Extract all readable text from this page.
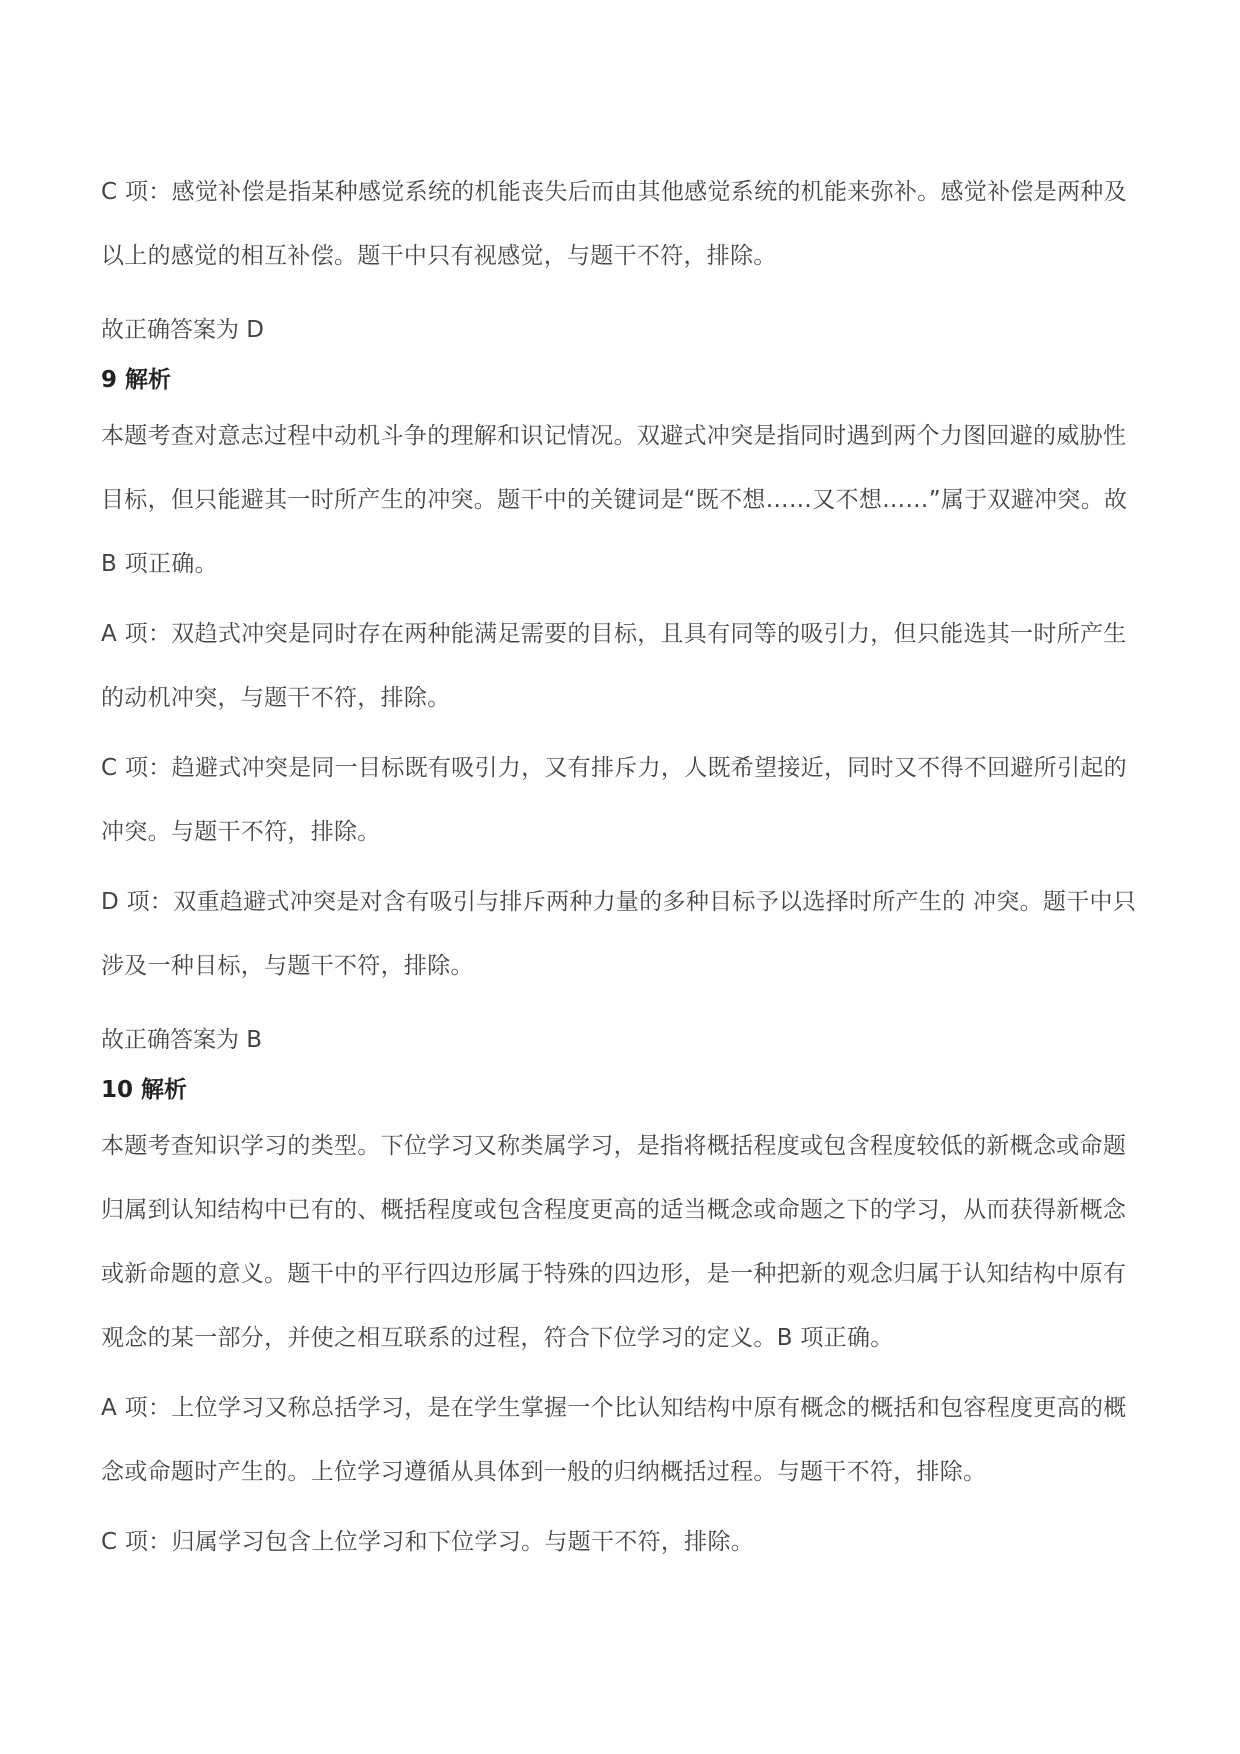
C 项：感觉补偿是指某种感觉系统的机能丧失后而由其他感觉系统的机能来弥补。感觉补偿是两种及以上的感觉的相互补偿。题干中只有视感觉，与题干不符，排除。

故正确答案为 D

9 解析

本题考查对意志过程中动机斗争的理解和识记情况。双避式冲突是指同时遇到两个力图回避的威胁性目标，但只能避其一时所产生的冲突。题干中的关键词是“既不想……又不想……”属于双避冲突。故 B 项正确。

A 项：双趋式冲突是同时存在两种能满足需要的目标，且具有同等的吸引力，但只能选其一时所产生的动机冲突，与题干不符，排除。

C 项：趋避式冲突是同一目标既有吸引力，又有排斥力，人既希望接近，同时又不得不回避所引起的冲突。与题干不符，排除。

D 项：双重趋避式冲突是对含有吸引与排斥两种力量的多种目标予以选择时所产生的 冲突。题干中只涉及一种目标，与题干不符，排除。

故正确答案为 B

10 解析

本题考查知识学习的类型。下位学习又称类属学习，是指将概括程度或包含程度较低的新概念或命题归属到认知结构中已有的、概括程度或包含程度更高的适当概念或命题之下的学习，从而获得新概念或新命题的意义。题干中的平行四边形属于特殊的四边形，是一种把新的观念归属于认知结构中原有观念的某一部分，并使之相互联系的过程，符合下位学习的定义。B 项正确。

A 项：上位学习又称总括学习，是在学生掌握一个比认知结构中原有概念的概括和包容程度更高的概念或命题时产生的。上位学习遵循从具体到一般的归纳概括过程。与题干不符，排除。

C 项：归属学习包含上位学习和下位学习。与题干不符，排除。
